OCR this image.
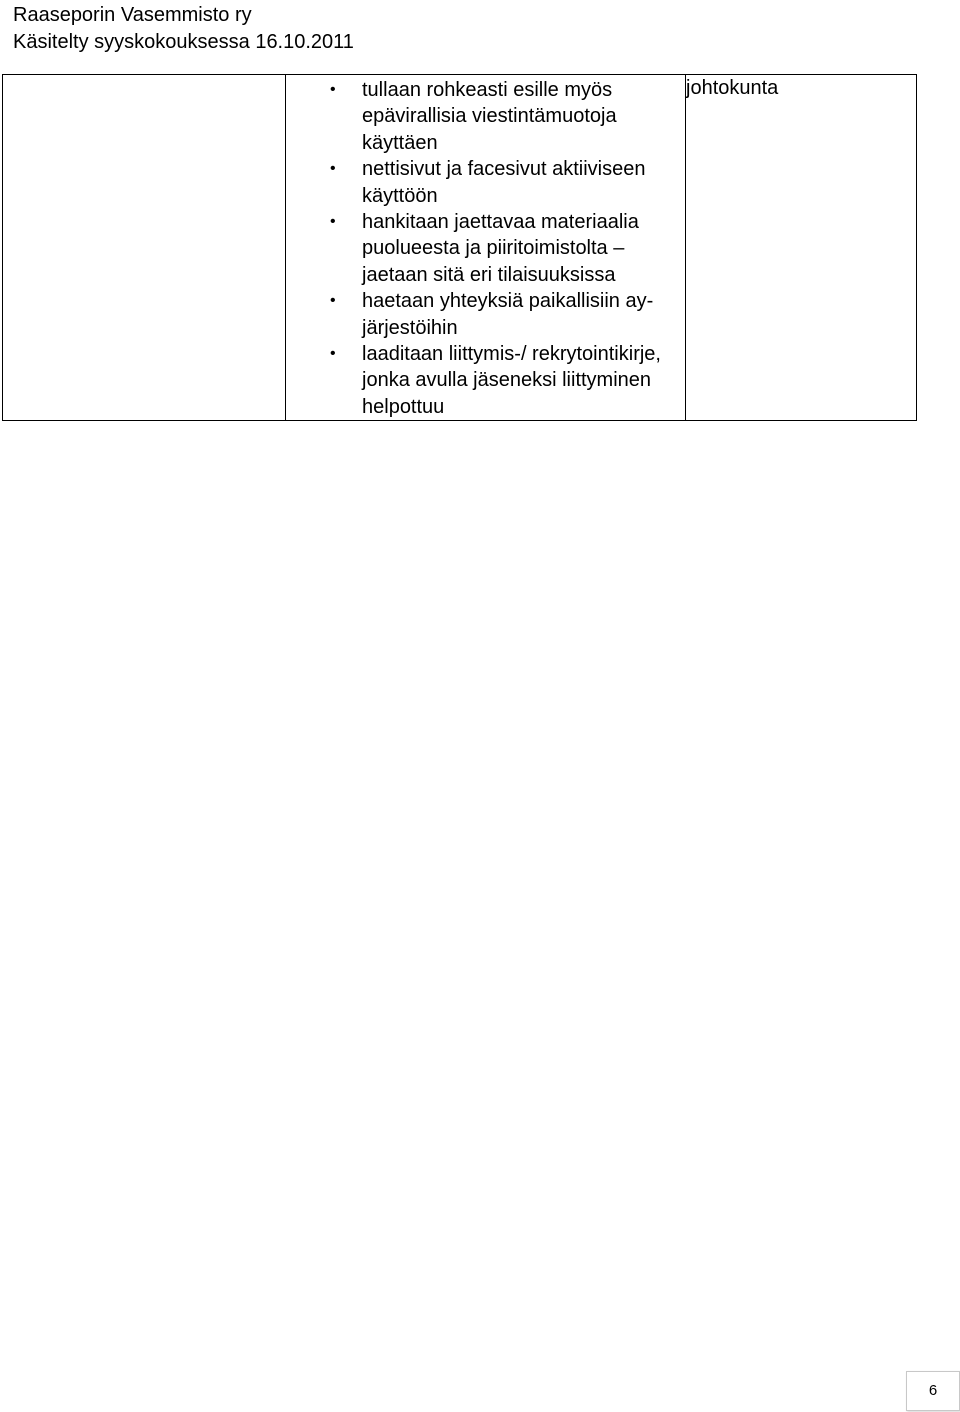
Raaseporin Vasemmisto ry
Käsitelty syyskokouksessa 16.10.2011

• tullaan rohkeasti esille myös epävirallisia viestintämuotoja käyttäen
• nettisivut ja facesivut aktiiviseen käyttöön
• hankitaan jaettavaa materiaalia puolueesta ja piiritoimistolta – jaetaan sitä eri tilaisuuksissa
• haetaan yhteyksiä paikallisiin ay-järjestöihin
• laaditaan liittymis-/ rekrytointikirje, jonka avulla jäseneksi liittyminen helpottuu
	johtokunta
6
